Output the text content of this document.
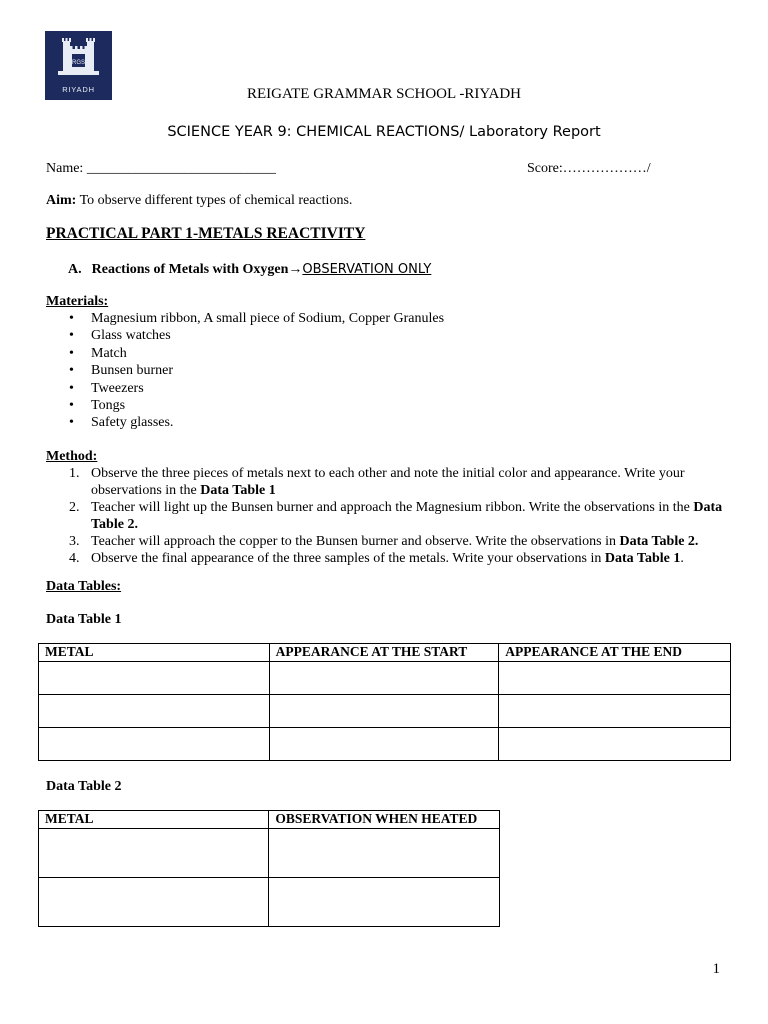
RGS
RIYADH	REIGATE GRAMMAR SCHOOL -RIYADH
SCIENCE YEAR 9: CHEMICAL REACTIONS/ Laboratory Report
Name: ___________________________	Score:………………/
Aim: To observe different types of chemical reactions.
PRACTICAL PART 1-METALS REACTIVITY
A. Reactions of Metals with Oxygen→OBSERVATION ONLY
Materials:
• Magnesium ribbon, A small piece of Sodium, Copper Granules
• Glass watches
• Match
• Bunsen burner
• Tweezers
• Tongs
• Safety glasses.
Method:
1. Observe the three pieces of metals next to each other and note the initial color and appearance. Write your observations in the Data Table 1
2. Teacher will light up the Bunsen burner and approach the Magnesium ribbon. Write the observations in the Data Table 2.
3. Teacher will approach the copper to the Bunsen burner and observe. Write the observations in Data Table 2.
4. Observe the final appearance of the three samples of the metals. Write your observations in Data Table 1.
Data Tables:
Data Table 1
METAL	APPEARANCE AT THE START	APPEARANCE AT THE END

Data Table 2
METAL	OBSERVATION WHEN HEATED

1
